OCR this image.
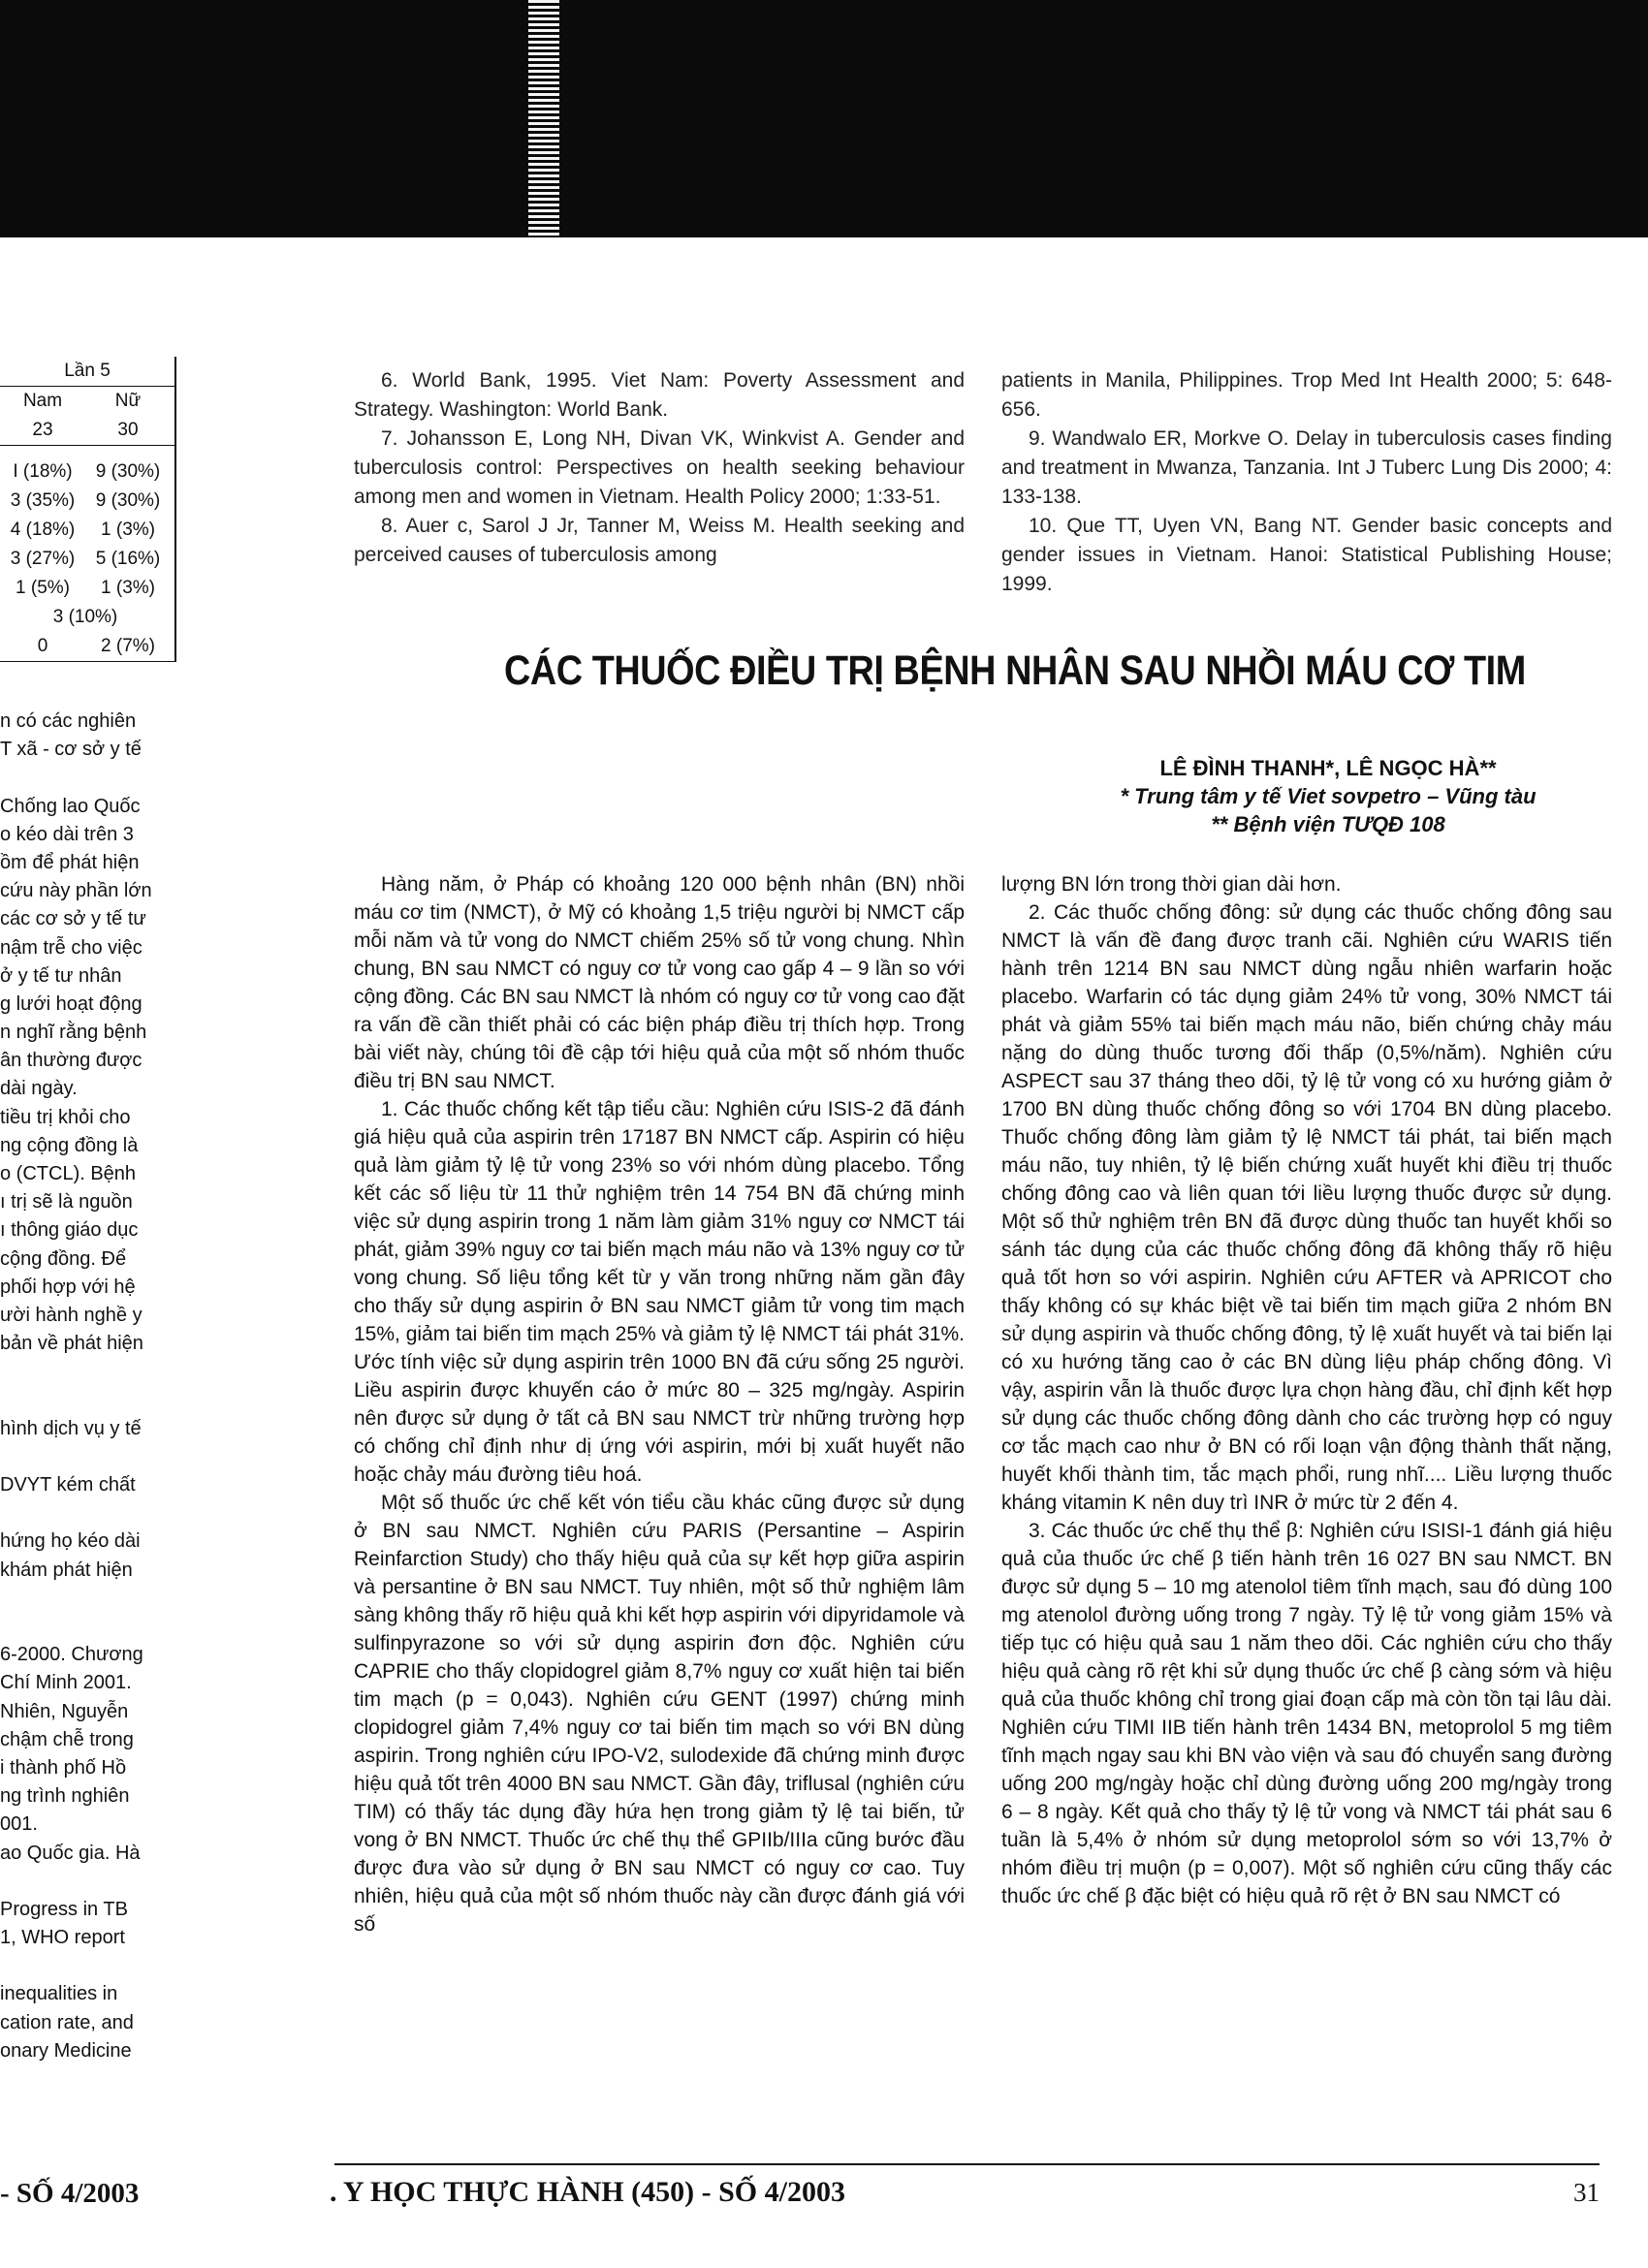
Lần 5
Nam	Nữ
23	30
I (18%)	9 (30%)
3 (35%)	9 (30%)
4 (18%)	1 (3%)
3 (27%)	5 (16%)
1 (5%)	1 (3%)
3 (10%)
0	2 (7%)
n có các nghiên
T xã - cơ sở y tế
Chống lao Quốc
o kéo dài trên 3
ồm để phát hiện
cứu này phần lớn
các cơ sở y tế tư
nậm trễ cho việc
ở y tế tư nhân
g lưới hoạt động
n nghĩ rằng bệnh
ân thường được
dài ngày.
tiều trị khỏi cho
ng cộng đồng là
o (CTCL). Bệnh
ı trị sẽ là nguồn
ı thông giáo dục
cộng đồng. Để
phối hợp với hệ
ười hành nghề y
bản về phát hiện
hình dịch vụ y tế
DVYT kém chất
hứng họ kéo dài
khám phát hiện
6-2000. Chương
Chí Minh 2001.
Nhiên, Nguyễn
chậm chễ trong
i thành phố Hồ
ng trình nghiên
001.
ao Quốc gia. Hà
Progress in TB
1, WHO report
inequalities in
cation rate, and
onary Medicine

6. World Bank, 1995. Viet Nam: Poverty Assessment and Strategy. Washington: World Bank.

7. Johansson E, Long NH, Divan VK, Winkvist A. Gender and tuberculosis control: Perspectives on health seeking behaviour among men and women in Vietnam. Health Policy 2000; 1:33-51.

8. Auer c, Sarol J Jr, Tanner M, Weiss M. Health seeking and perceived causes of tuberculosis among

patients in Manila, Philippines. Trop Med Int Health 2000; 5: 648-656.

9. Wandwalo ER, Morkve O. Delay in tuberculosis cases finding and treatment in Mwanza, Tanzania. Int J Tuberc Lung Dis 2000; 4: 133-138.

10. Que TT, Uyen VN, Bang NT. Gender basic concepts and gender issues in Vietnam. Hanoi: Statistical Publishing House; 1999.

CÁC THUỐC ĐIỀU TRỊ BỆNH NHÂN SAU NHỒI MÁU CƠ TIM
LÊ ĐÌNH THANH*, LÊ NGỌC HÀ**
* Trung tâm y tế Viet sovpetro – Vũng tàu
** Bệnh viện TƯQĐ 108

Hàng năm, ở Pháp có khoảng 120 000 bệnh nhân (BN) nhồi máu cơ tim (NMCT), ở Mỹ có khoảng 1,5 triệu người bị NMCT cấp mỗi năm và tử vong do NMCT chiếm 25% số tử vong chung. Nhìn chung, BN sau NMCT có nguy cơ tử vong cao gấp 4 – 9 lần so với cộng đồng. Các BN sau NMCT là nhóm có nguy cơ tử vong cao đặt ra vấn đề cần thiết phải có các biện pháp điều trị thích hợp. Trong bài viết này, chúng tôi đề cập tới hiệu quả của một số nhóm thuốc điều trị BN sau NMCT.

1. Các thuốc chống kết tập tiểu cầu: Nghiên cứu ISIS-2 đã đánh giá hiệu quả của aspirin trên 17187 BN NMCT cấp. Aspirin có hiệu quả làm giảm tỷ lệ tử vong 23% so với nhóm dùng placebo. Tổng kết các số liệu từ 11 thử nghiệm trên 14 754 BN đã chứng minh việc sử dụng aspirin trong 1 năm làm giảm 31% nguy cơ NMCT tái phát, giảm 39% nguy cơ tai biến mạch máu não và 13% nguy cơ tử vong chung. Số liệu tổng kết từ y văn trong những năm gần đây cho thấy sử dụng aspirin ở BN sau NMCT giảm tử vong tim mạch 15%, giảm tai biến tim mạch 25% và giảm tỷ lệ NMCT tái phát 31%. Ước tính việc sử dụng aspirin trên 1000 BN đã cứu sống 25 người. Liều aspirin được khuyến cáo ở mức 80 – 325 mg/ngày. Aspirin nên được sử dụng ở tất cả BN sau NMCT trừ những trường hợp có chống chỉ định như dị ứng với aspirin, mới bị xuất huyết não hoặc chảy máu đường tiêu hoá.

Một số thuốc ức chế kết vón tiểu cầu khác cũng được sử dụng ở BN sau NMCT. Nghiên cứu PARIS (Persantine – Aspirin Reinfarction Study) cho thấy hiệu quả của sự kết hợp giữa aspirin và persantine ở BN sau NMCT. Tuy nhiên, một số thử nghiệm lâm sàng không thấy rõ hiệu quả khi kết hợp aspirin với dipyridamole và sulfinpyrazone so với sử dụng aspirin đơn độc. Nghiên cứu CAPRIE cho thấy clopidogrel giảm 8,7% nguy cơ xuất hiện tai biến tim mạch (p = 0,043). Nghiên cứu GENT (1997) chứng minh clopidogrel giảm 7,4% nguy cơ tai biến tim mạch so với BN dùng aspirin. Trong nghiên cứu IPO-V2, sulodexide đã chứng minh được hiệu quả tốt trên 4000 BN sau NMCT. Gần đây, triflusal (nghiên cứu TIM) có thấy tác dụng đầy hứa hẹn trong giảm tỷ lệ tai biến, tử vong ở BN NMCT. Thuốc ức chế thụ thể GPIIb/IIIa cũng bước đầu được đưa vào sử dụng ở BN sau NMCT có nguy cơ cao. Tuy nhiên, hiệu quả của một số nhóm thuốc này cần được đánh giá với số

lượng BN lớn trong thời gian dài hơn.

2. Các thuốc chống đông: sử dụng các thuốc chống đông sau NMCT là vấn đề đang được tranh cãi. Nghiên cứu WARIS tiến hành trên 1214 BN sau NMCT dùng ngẫu nhiên warfarin hoặc placebo. Warfarin có tác dụng giảm 24% tử vong, 30% NMCT tái phát và giảm 55% tai biến mạch máu não, biến chứng chảy máu nặng do dùng thuốc tương đối thấp (0,5%/năm). Nghiên cứu ASPECT sau 37 tháng theo dõi, tỷ lệ tử vong có xu hướng giảm ở 1700 BN dùng thuốc chống đông so với 1704 BN dùng placebo. Thuốc chống đông làm giảm tỷ lệ NMCT tái phát, tai biến mạch máu não, tuy nhiên, tỷ lệ biến chứng xuất huyết khi điều trị thuốc chống đông cao và liên quan tới liều lượng thuốc được sử dụng. Một số thử nghiệm trên BN đã được dùng thuốc tan huyết khối so sánh tác dụng của các thuốc chống đông đã không thấy rõ hiệu quả tốt hơn so với aspirin. Nghiên cứu AFTER và APRICOT cho thấy không có sự khác biệt về tai biến tim mạch giữa 2 nhóm BN sử dụng aspirin và thuốc chống đông, tỷ lệ xuất huyết và tai biến lại có xu hướng tăng cao ở các BN dùng liệu pháp chống đông. Vì vậy, aspirin vẫn là thuốc được lựa chọn hàng đầu, chỉ định kết hợp sử dụng các thuốc chống đông dành cho các trường hợp có nguy cơ tắc mạch cao như ở BN có rối loạn vận động thành thất nặng, huyết khối thành tim, tắc mạch phổi, rung nhĩ.... Liều lượng thuốc kháng vitamin K nên duy trì INR ở mức từ 2 đến 4.

3. Các thuốc ức chế thụ thể β: Nghiên cứu ISISI-1 đánh giá hiệu quả của thuốc ức chế β tiến hành trên 16 027 BN sau NMCT. BN được sử dụng 5 – 10 mg atenolol tiêm tĩnh mạch, sau đó dùng 100 mg atenolol đường uống trong 7 ngày. Tỷ lệ tử vong giảm 15% và tiếp tục có hiệu quả sau 1 năm theo dõi. Các nghiên cứu cho thấy hiệu quả càng rõ rệt khi sử dụng thuốc ức chế β càng sớm và hiệu quả của thuốc không chỉ trong giai đoạn cấp mà còn tồn tại lâu dài. Nghiên cứu TIMI IIB tiến hành trên 1434 BN, metoprolol 5 mg tiêm tĩnh mạch ngay sau khi BN vào viện và sau đó chuyển sang đường uống 200 mg/ngày hoặc chỉ dùng đường uống 200 mg/ngày trong 6 – 8 ngày. Kết quả cho thấy tỷ lệ tử vong và NMCT tái phát sau 6 tuần là 5,4% ở nhóm sử dụng metoprolol sớm so với 13,7% ở nhóm điều trị muộn (p = 0,007). Một số nghiên cứu cũng thấy các thuốc ức chế β đặc biệt có hiệu quả rõ rệt ở BN sau NMCT có

- SỐ 4/2003	. Y HỌC THỰC HÀNH (450) - SỐ 4/2003	31
